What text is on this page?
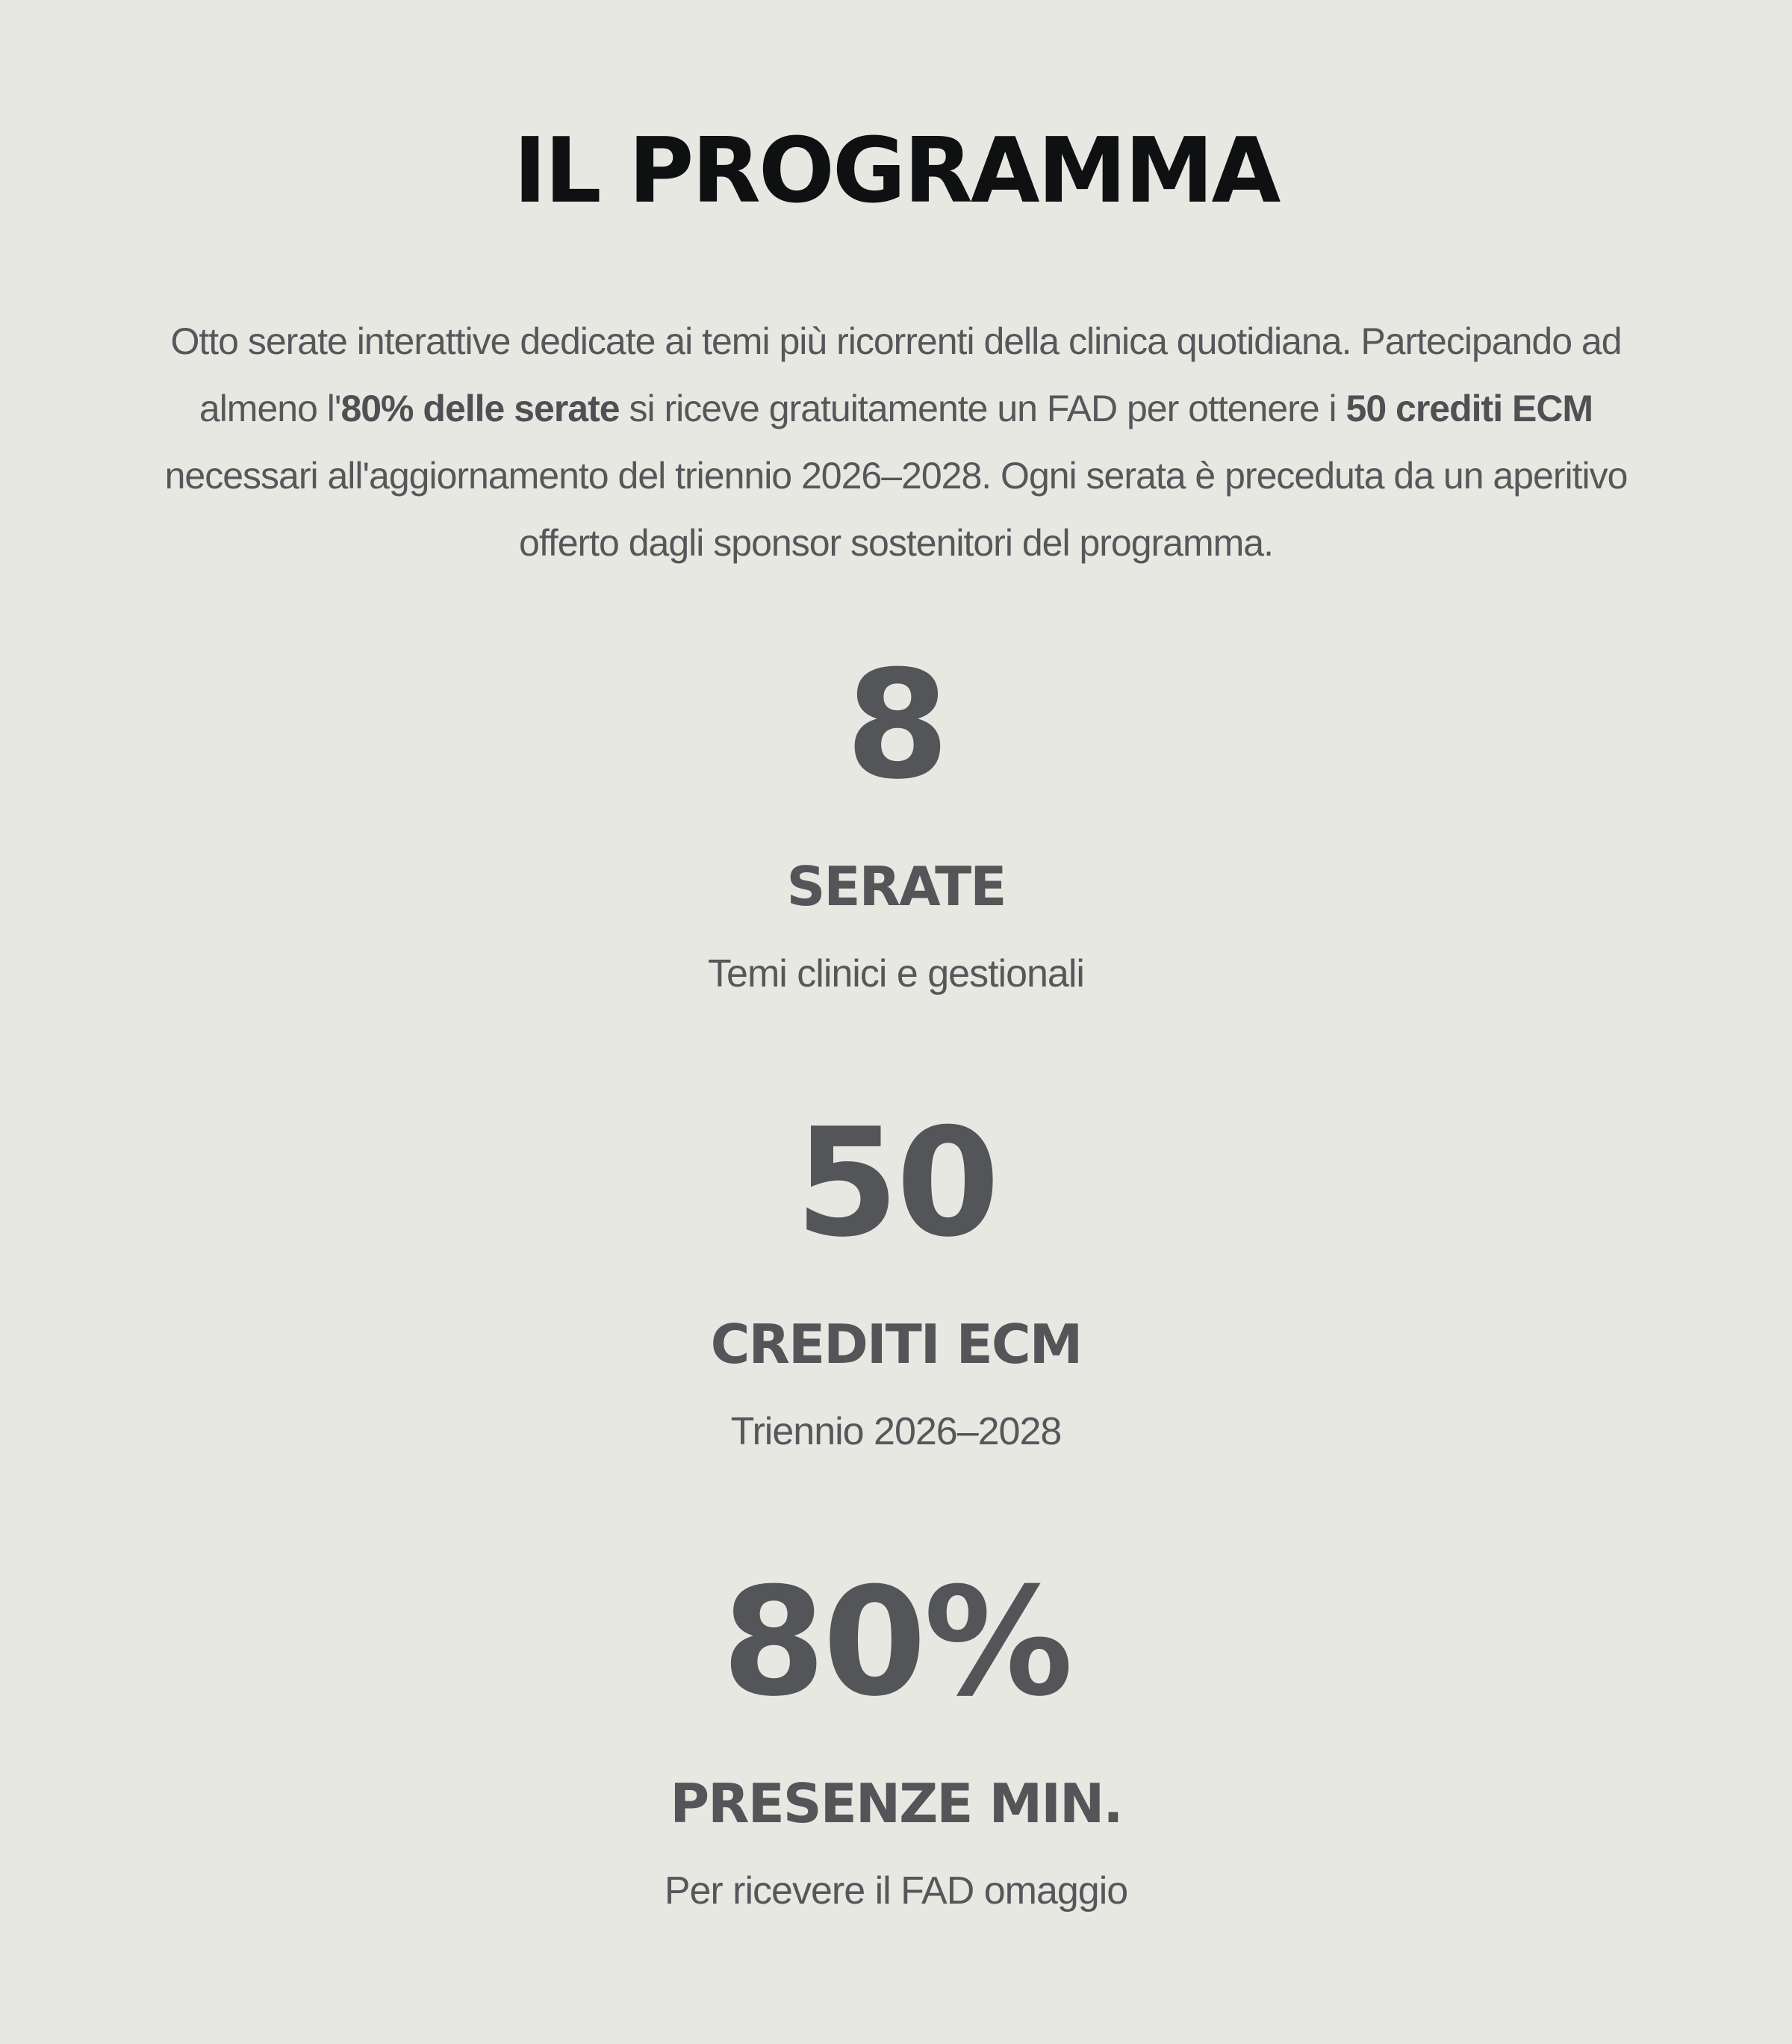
IL PROGRAMMA

Otto serate interattive dedicate ai temi più ricorrenti della clinica quotidiana. Partecipando ad almeno l'80% delle serate si riceve gratuitamente un FAD per ottenere i 50 crediti ECM necessari all'aggiornamento del triennio 2026–2028. Ogni serata è preceduta da un aperitivo offerto dagli sponsor sostenitori del programma.

8
SERATE
Temi clinici e gestionali
50
CREDITI ECM
Triennio 2026–2028
80%
PRESENZE MIN.
Per ricevere il FAD omaggio
